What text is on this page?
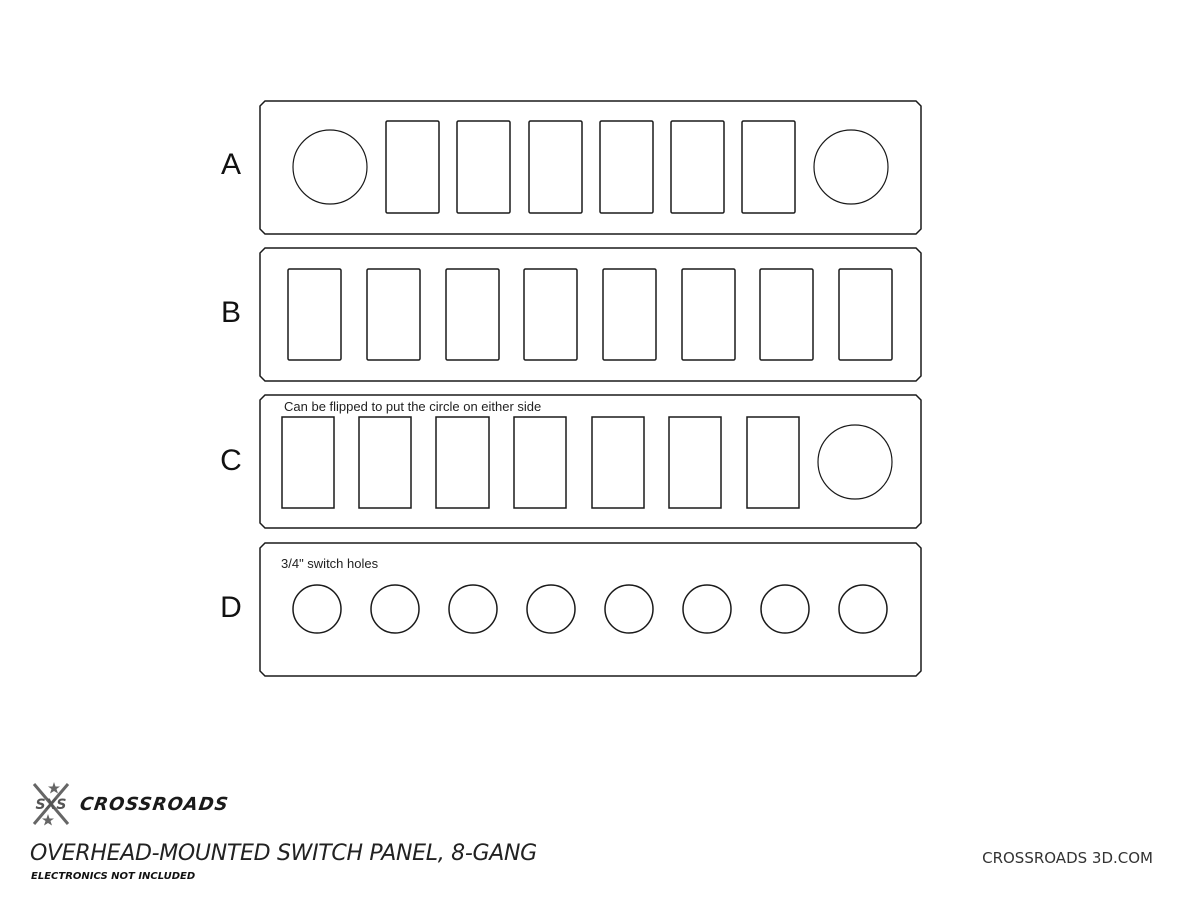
A
B
C
D
Can be flipped to put the circle on either side
3/4" switch holes
SXS CROSSROADS
OVERHEAD-MOUNTED SWITCH PANEL, 8-GANG
ELECTRONICS NOT INCLUDED
CROSSROADS 3D.COM
